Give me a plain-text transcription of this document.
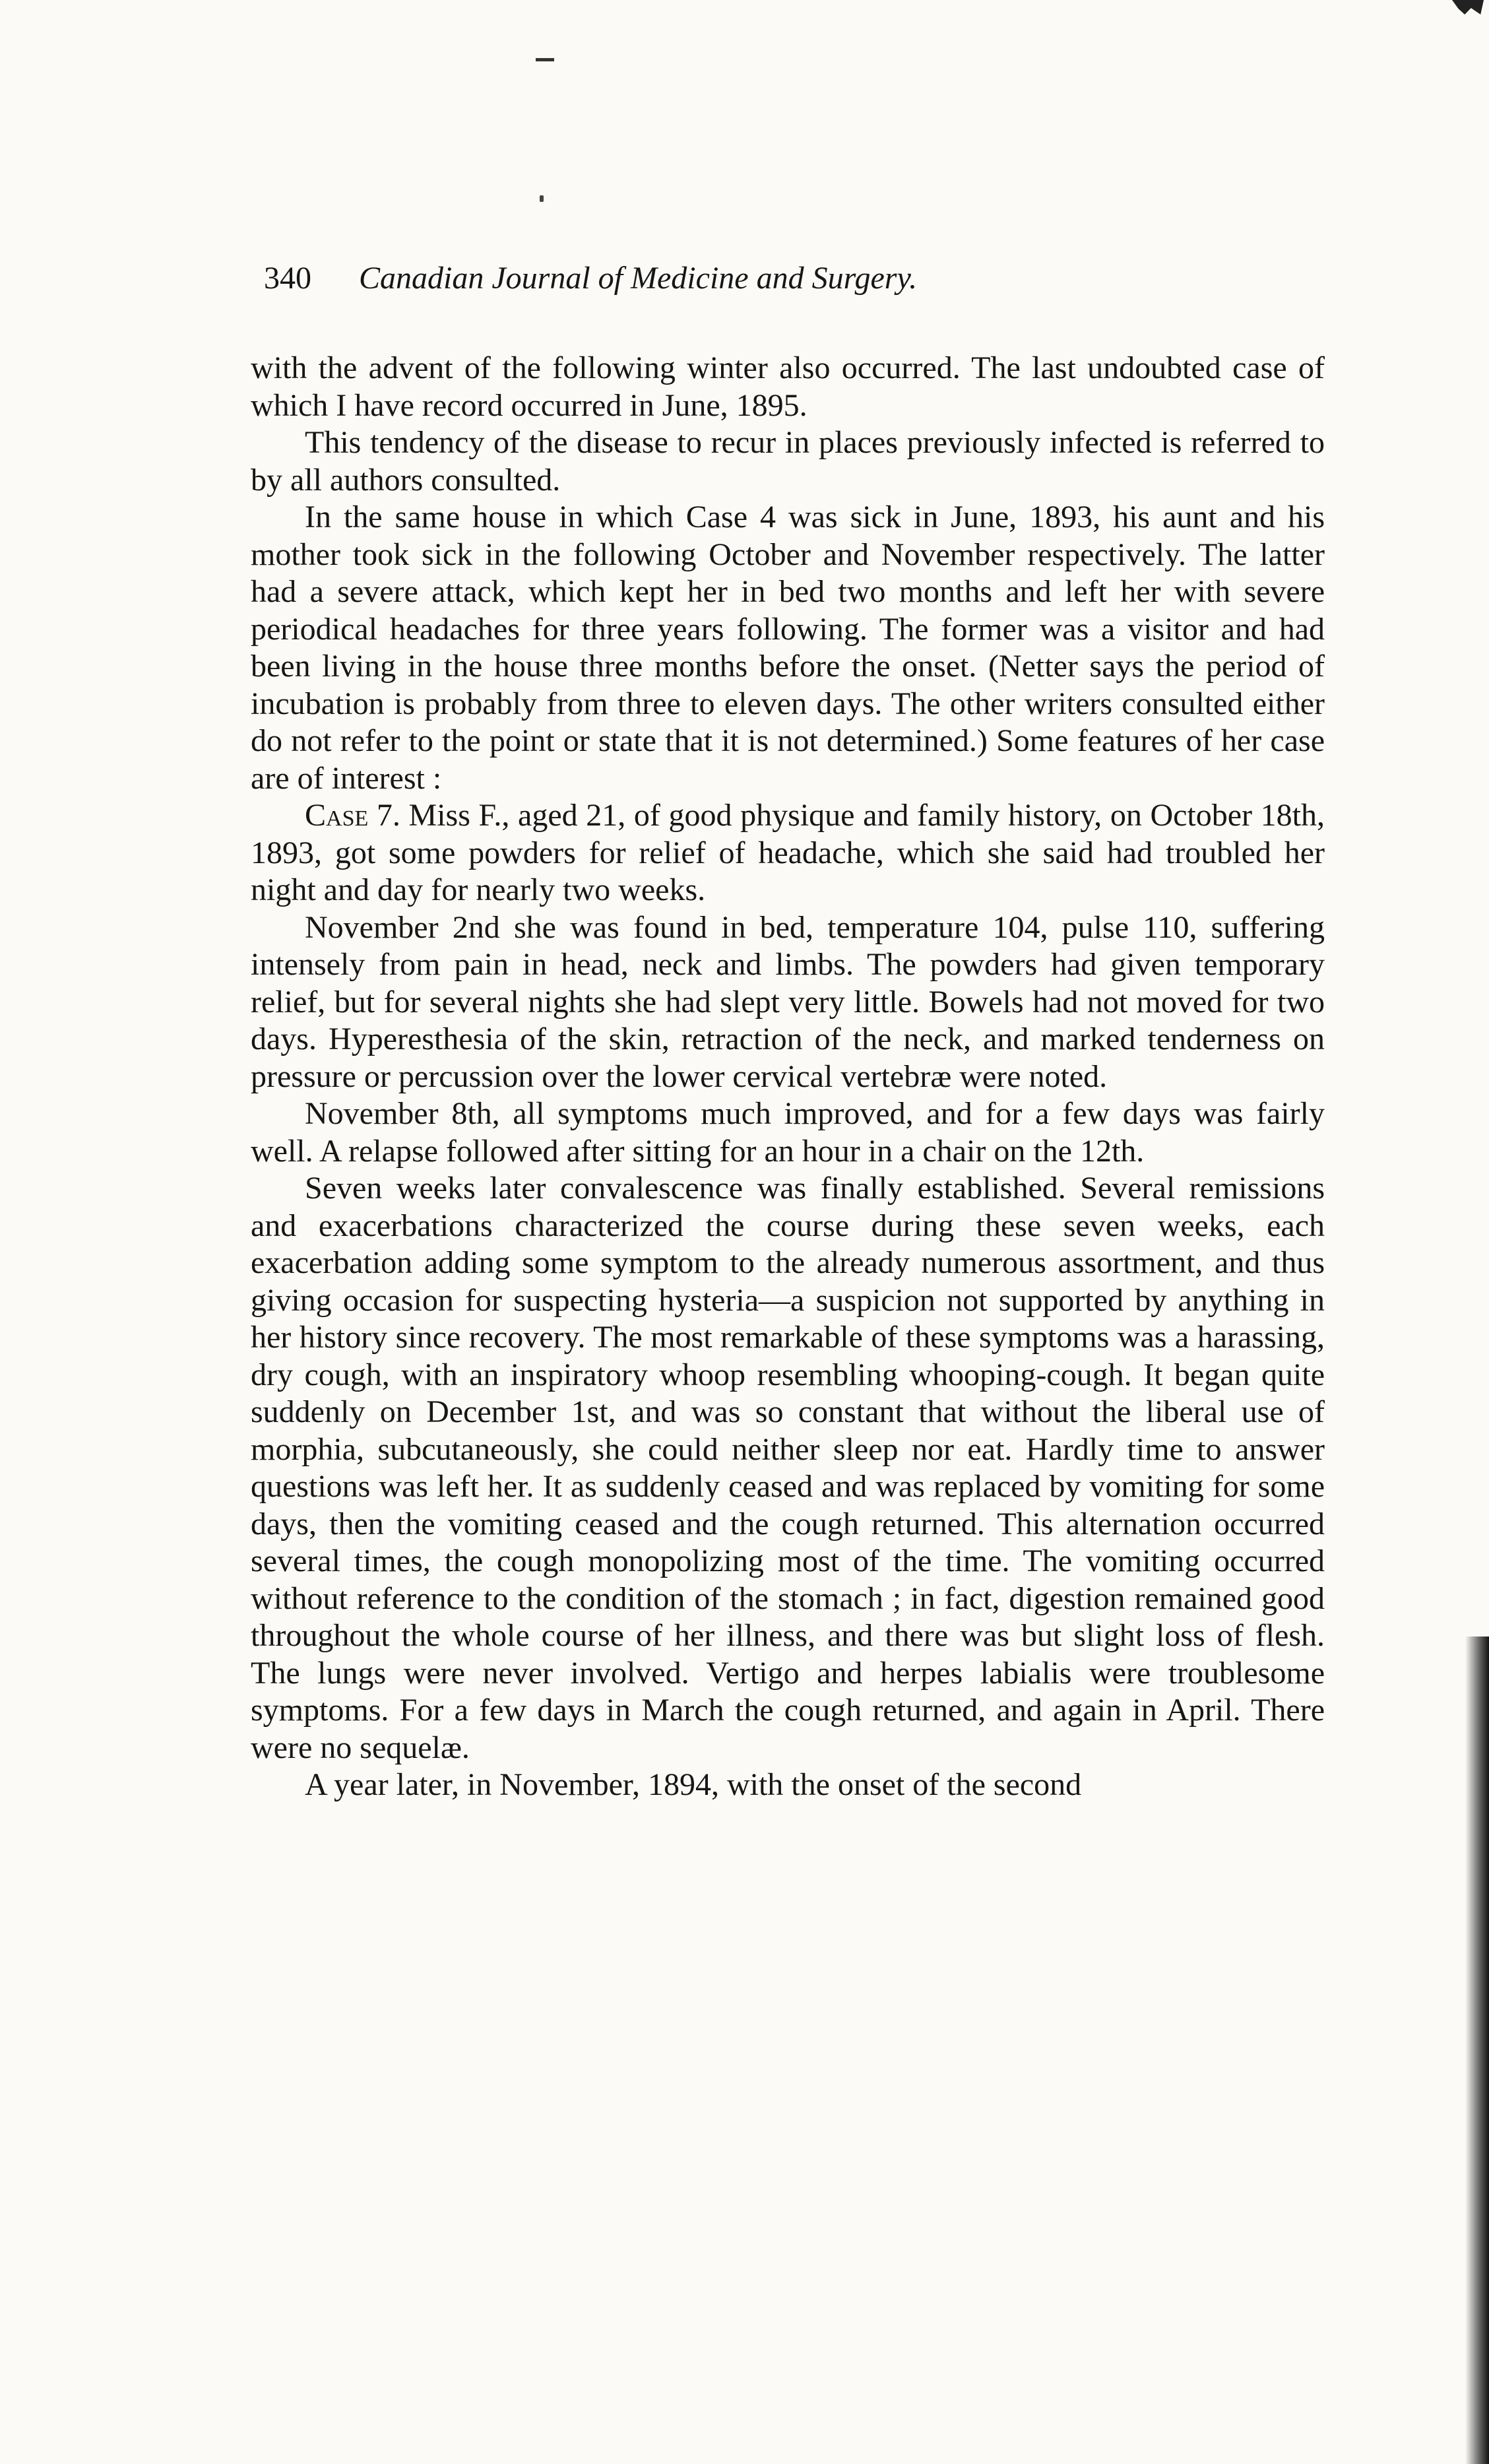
340 Canadian Journal of Medicine and Surgery.

with the advent of the following winter also occurred. The last undoubted case of which I have record occurred in June, 1895.

This tendency of the disease to recur in places previously infected is referred to by all authors consulted.

In the same house in which Case 4 was sick in June, 1893, his aunt and his mother took sick in the following October and November respectively. The latter had a severe attack, which kept her in bed two months and left her with severe periodical headaches for three years following. The former was a visitor and had been living in the house three months before the onset. (Netter says the period of incubation is probably from three to eleven days. The other writers consulted either do not refer to the point or state that it is not determined.) Some features of her case are of interest :

Case 7. Miss F., aged 21, of good physique and family history, on October 18th, 1893, got some powders for relief of headache, which she said had troubled her night and day for nearly two weeks.

November 2nd she was found in bed, temperature 104, pulse 110, suffering intensely from pain in head, neck and limbs. The powders had given temporary relief, but for several nights she had slept very little. Bowels had not moved for two days. Hyperesthesia of the skin, retraction of the neck, and marked tenderness on pressure or percussion over the lower cervical vertebræ were noted.

November 8th, all symptoms much improved, and for a few days was fairly well. A relapse followed after sitting for an hour in a chair on the 12th.

Seven weeks later convalescence was finally established. Several remissions and exacerbations characterized the course during these seven weeks, each exacerbation adding some symptom to the already numerous assortment, and thus giving occasion for suspecting hysteria—a suspicion not supported by anything in her history since recovery. The most remarkable of these symptoms was a harassing, dry cough, with an inspiratory whoop resembling whooping-cough. It began quite suddenly on December 1st, and was so constant that without the liberal use of morphia, subcutaneously, she could neither sleep nor eat. Hardly time to answer questions was left her. It as suddenly ceased and was replaced by vomiting for some days, then the vomiting ceased and the cough returned. This alternation occurred several times, the cough monopolizing most of the time. The vomiting occurred without reference to the condition of the stomach ; in fact, digestion remained good throughout the whole course of her illness, and there was but slight loss of flesh. The lungs were never involved. Vertigo and herpes labialis were troublesome symptoms. For a few days in March the cough returned, and again in April. There were no sequelæ.

A year later, in November, 1894, with the onset of the second
